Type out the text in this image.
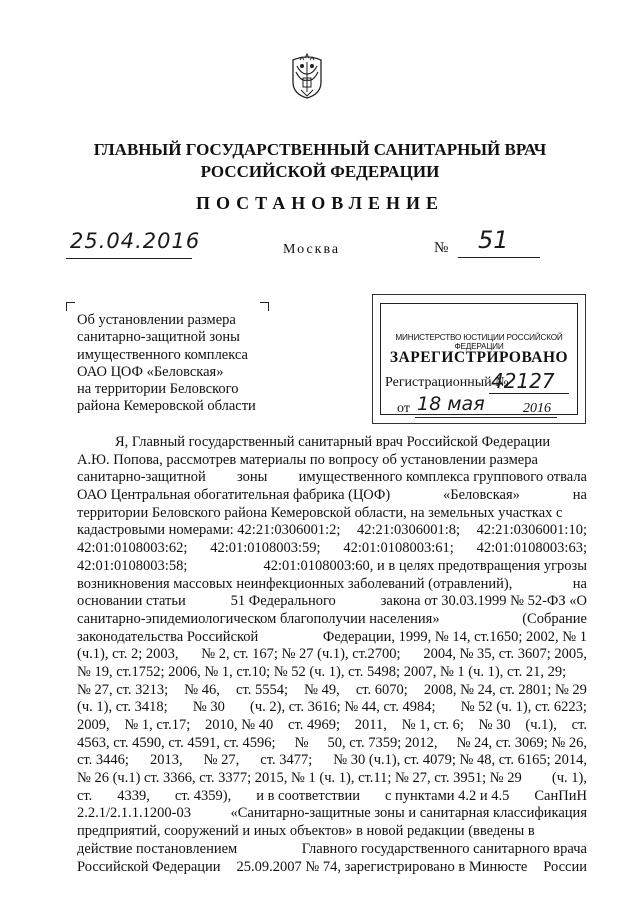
ГЛАВНЫЙ ГОСУДАРСТВЕННЫЙ САНИТАРНЫЙ ВРАЧ
РОССИЙСКОЙ ФЕДЕРАЦИИ
ПОСТАНОВЛЕНИЕ
25.04.2016	Москва	№ 51
Об установлении размера
санитарно-защитной зоны
имущественного комплекса
ОАО ЦОФ «Беловская»
на территории Беловского
района Кемеровской области
МИНИСТЕРСТВО ЮСТИЦИИ РОССИЙСКОЙ ФЕДЕРАЦИИ
ЗАРЕГИСТРИРОВАНО
Регистрационный №
42127
от 18 мая	2016
Я, Главный государственный санитарный врач Российской Федерации
А.Ю. Попова, рассмотрев материалы по вопросу об установлении размера
санитарно-защитной зоны имущественного комплекса группового отвала
ОАО Центральная обогатительная фабрика (ЦОФ)	«Беловская»	на
территории Беловского района Кемеровской области, на земельных участках с
кадастровыми номерами: 42:21:0306001:2; 42:21:0306001:8; 42:21:0306001:10;
42:01:0108003:62; 42:01:0108003:59; 42:01:0108003:61; 42:01:0108003:63;
42:01:0108003:58;	42:01:0108003:60, и в целях предотвращения угрозы
возникновения массовых неинфекционных заболеваний (отравлений),	на
основании статьи	51 Федерального	закона от 30.03.1999 № 52-ФЗ «О
санитарно-эпидемиологическом благополучии населения»	(Собрание
законодательства Российской	Федерации, 1999, № 14, ст.1650; 2002, № 1
(ч.1), ст. 2; 2003, № 2, ст. 167; № 27 (ч.1), ст.2700; 2004, № 35, ст. 3607; 2005,
№ 19, ст.1752; 2006, № 1, ст.10; № 52 (ч. 1), ст. 5498; 2007, № 1 (ч. 1), ст. 21, 29;
№ 27, ст. 3213; № 46, ст. 5554; № 49, ст. 6070; 2008, № 24, ст. 2801; № 29
(ч. 1), ст. 3418; № 30 (ч. 2), ст. 3616; № 44, ст. 4984; № 52 (ч. 1), ст. 6223;
2009, № 1, ст.17; 2010, № 40 ст. 4969; 2011, № 1, ст. 6; № 30 (ч.1), ст.
4563, ст. 4590, ст. 4591, ст. 4596; № 50, ст. 7359; 2012, № 24, ст. 3069; № 26,
ст. 3446; 2013, № 27, ст. 3477; № 30 (ч.1), ст. 4079; № 48, ст. 6165; 2014,
№ 26 (ч.1) ст. 3366, ст. 3377; 2015, № 1 (ч. 1), ст.11; № 27, ст. 3951; № 29 (ч. 1),
ст. 4339, ст. 4359), и в соответствии с пунктами 4.2 и 4.5 СанПиН
2.2.1/2.1.1.1200-03	«Санитарно-защитные зоны и санитарная классификация
предприятий, сооружений и иных объектов» в новой редакции (введены в
действие постановлением	Главного государственного санитарного врача
Российской Федерации 25.09.2007 № 74, зарегистрировано в Минюсте России
